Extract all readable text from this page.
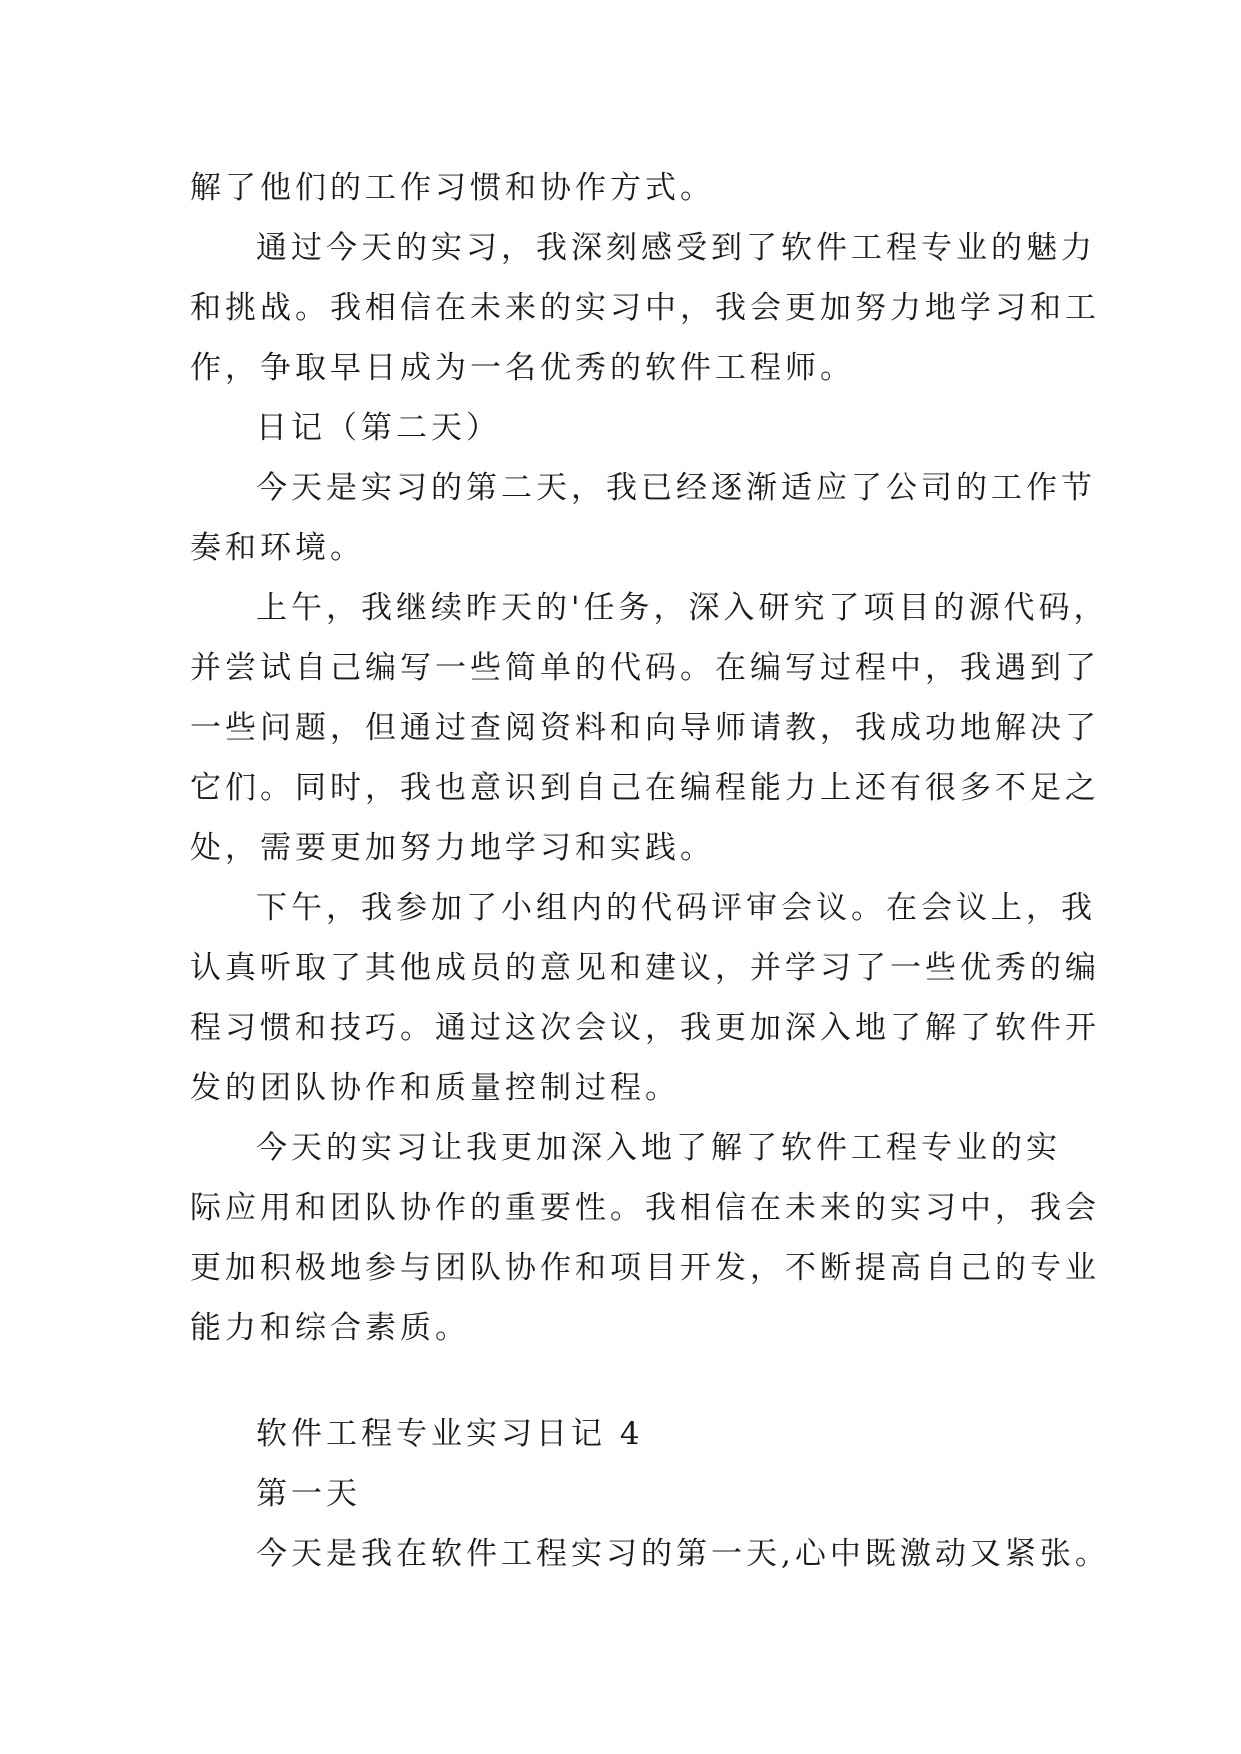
解了他们的工作习惯和协作方式。

通过今天的实习，我深刻感受到了软件工程专业的魅力

和挑战。我相信在未来的实习中，我会更加努力地学习和工

作，争取早日成为一名优秀的软件工程师。

日记（第二天）

今天是实习的第二天，我已经逐渐适应了公司的工作节

奏和环境。

上午，我继续昨天的'任务，深入研究了项目的源代码，

并尝试自己编写一些简单的代码。在编写过程中，我遇到了

一些问题，但通过查阅资料和向导师请教，我成功地解决了

它们。同时，我也意识到自己在编程能力上还有很多不足之

处，需要更加努力地学习和实践。

下午，我参加了小组内的代码评审会议。在会议上，我

认真听取了其他成员的意见和建议，并学习了一些优秀的编

程习惯和技巧。通过这次会议，我更加深入地了解了软件开

发的团队协作和质量控制过程。

今天的实习让我更加深入地了解了软件工程专业的实

际应用和团队协作的重要性。我相信在未来的实习中，我会

更加积极地参与团队协作和项目开发，不断提高自己的专业

能力和综合素质。

软件工程专业实习日记 4

第一天

今天是我在软件工程实习的第一天,心中既激动又紧张。
